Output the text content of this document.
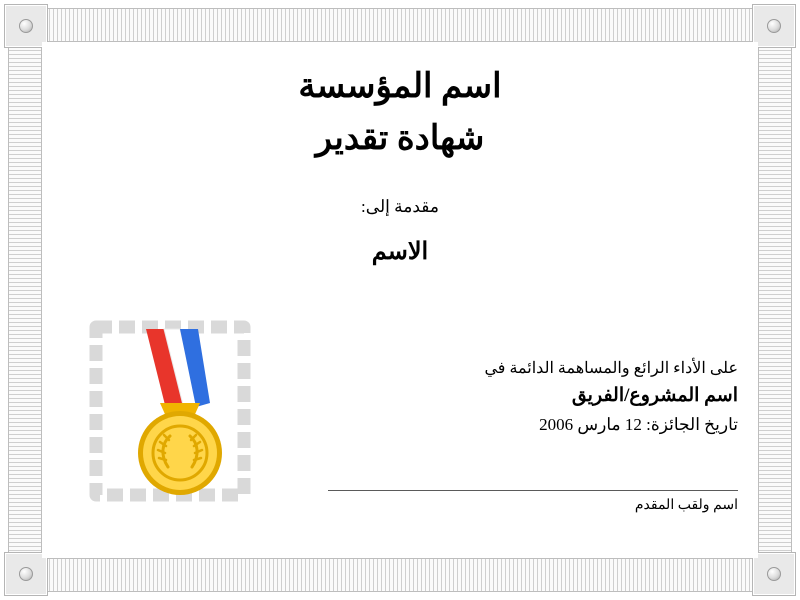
اسم المؤسسة
شهادة تقدير
مقدمة إلى:
الاسم
على الأداء الرائع والمساهمة الدائمة في
اسم المشروع/الفريق
تاريخ الجائزة: 12 مارس 2006
اسم ولقب المقدم
